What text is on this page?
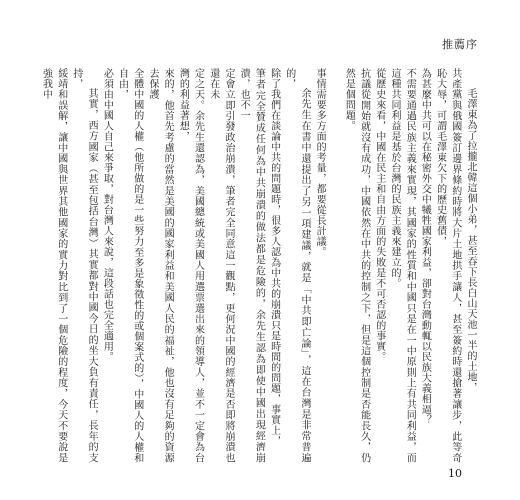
推薦序

毛澤東為了拉攏北韓這個小弟，甚至吞下長白山天池一半的土地，

共產黨與俄國簽訂邊界條約時將大片土地拱手讓人，甚至簽約時還搶著讓步，此等奇恥大辱，可謂毛澤東欠下的歷史舊債，

為甚麼中共可以在秘密外交中犧牲國家利益，卻對台灣動輒以民族大義相逼？

不需要通過民族主義來實現，其國家的性質和中國只是在一中原則上有共同利益，而這種共同利益是基於台灣的民族主義來建立的。

從歷史來看，中國在民主和自由方面的失敗是不可否認的事實。

抗議從開始就沒有成功，中國依然在中共的控制之下，但是這個控制是否能長久，仍然是個問題。

事情需要多方面的考量，都要從長計議。

余先生在書中還提出了另一項建議，就是「中共即亡論」，這在台灣是非常普遍的，

除了我們在談論中共的問題時，很多人認為中共的崩潰只是時間的問題，事實上，

筆者完全贊成任何為中共崩潰的做法都是危險的，余先生認為即使中國出現經濟崩潰，也不一

定會立即引發政治崩潰，筆者完全同意這一觀點，更何況中國的經濟是否即將崩潰也還在未

定之天。余先生還認為，美國總統或美國人用選票選出來的領導人，並不一定會為台灣的利益著想，

來的，他首先考慮的當然是美國的國家利益和美國人民的福祉，他也沒有足夠的資源去保護

全體中國的人權（他所做的是一些努力至多是象徵性的或個案式的），中國人的人權和自由，

必須由中國人自己來爭取，對台灣人來說，這段話也完全適用。

其實，西方國家（甚至包括台灣）其實都對中國今日的坐大負有責任，長年的支持，

綏靖和誤解，讓中國與世界其他國家的實力對比到了一個危險的程度，今天不要說是強我中

10
